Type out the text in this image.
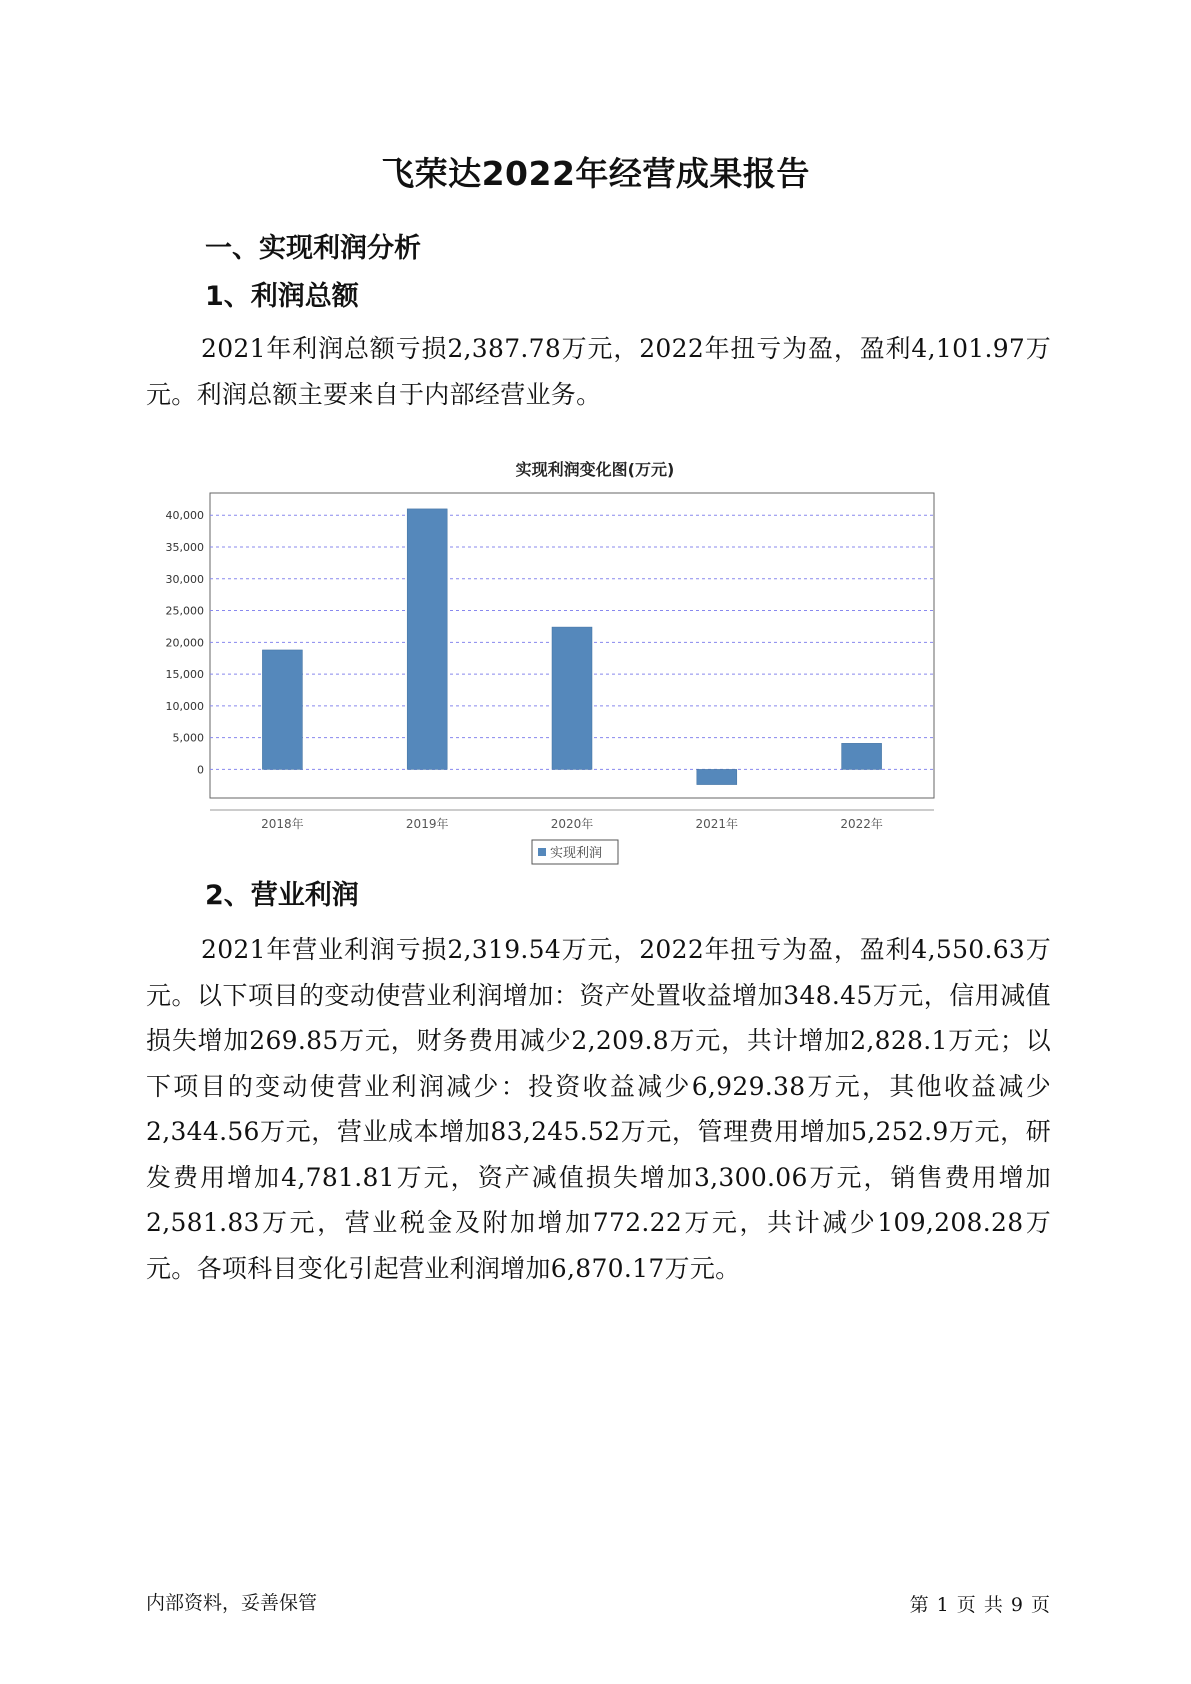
飞荣达2022年经营成果报告
一、实现利润分析
1、利润总额

2021年利润总额亏损2,387.78万元，2022年扭亏为盈，盈利4,101.97万元。利润总额主要来自于内部经营业务。

实现利润变化图(万元)
0
5,000
10,000
15,000
20,000
25,000
30,000
35,000
40,000
2018年	2019年	2020年	2021年	2022年
实现利润
2、营业利润

2021年营业利润亏损2,319.54万元，2022年扭亏为盈，盈利4,550.63万元。以下项目的变动使营业利润增加：资产处置收益增加348.45万元，信用减值损失增加269.85万元，财务费用减少2,209.8万元，共计增加2,828.1万元；以下项目的变动使营业利润减少：投资收益减少6,929.38万元，其他收益减少2,344.56万元，营业成本增加83,245.52万元，管理费用增加5,252.9万元，研发费用增加4,781.81万元，资产减值损失增加3,300.06万元，销售费用增加2,581.83万元，营业税金及附加增加772.22万元，共计减少109,208.28万元。各项科目变化引起营业利润增加6,870.17万元。

内部资料，妥善保管	第 1 页 共 9 页
